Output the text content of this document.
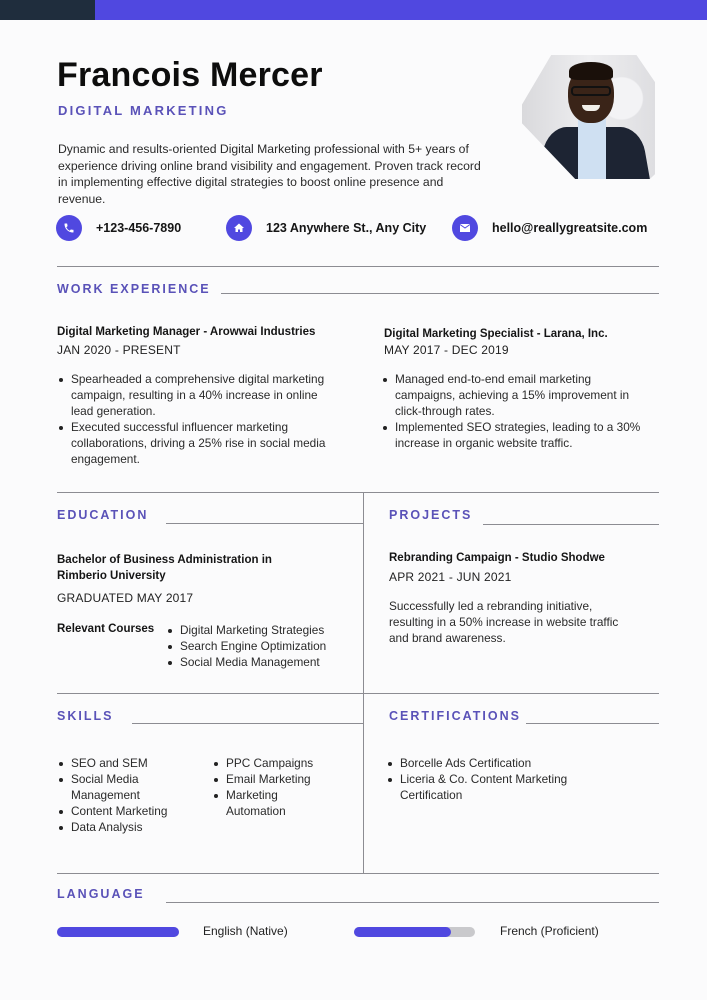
Francois Mercer
DIGITAL MARKETING
Dynamic and results-oriented Digital Marketing professional with 5+ years of experience driving online brand visibility and engagement. Proven track record in implementing effective digital strategies to boost online presence and revenue.
+123-456-7890	123 Anywhere St., Any City	hello@reallygreatsite.com
WORK EXPERIENCE
Digital Marketing Manager - Arowwai Industries
JAN 2020 - PRESENT
Spearheaded a comprehensive digital marketing campaign, resulting in a 40% increase in online lead generation.
Executed successful influencer marketing collaborations, driving a 25% rise in social media engagement.
Digital Marketing Specialist - Larana, Inc.
MAY 2017 - DEC 2019
Managed end-to-end email marketing campaigns, achieving a 15% improvement in click-through rates.
Implemented SEO strategies, leading to a 30% increase in organic website traffic.
EDUCATION
Bachelor of Business Administration in Rimberio University
GRADUATED MAY 2017
Relevant Courses	Digital Marketing Strategies
Search Engine Optimization
Social Media Management
PROJECTS
Rebranding Campaign - Studio Shodwe
APR 2021 - JUN 2021
Successfully led a rebranding initiative, resulting in a 50% increase in website traffic and brand awareness.
SKILLS
SEO and SEM
Social Media Management
Content Marketing
Data Analysis
PPC Campaigns
Email Marketing
Marketing Automation
CERTIFICATIONS
Borcelle Ads Certification
Liceria & Co. Content Marketing Certification
LANGUAGE
English (Native)	French (Proficient)
